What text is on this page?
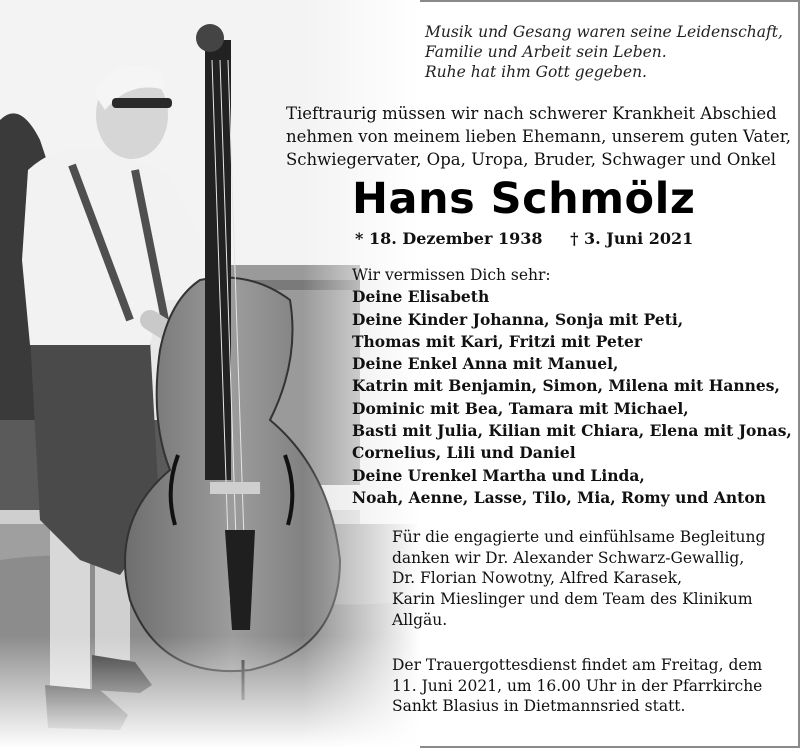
Musik und Gesang waren seine Leidenschaft,
Familie und Arbeit sein Leben.
Ruhe hat ihm Gott gegeben.
Tieftraurig müssen wir nach schwerer Krankheit Abschied
nehmen von meinem lieben Ehemann, unserem guten Vater,
Schwiegervater, Opa, Uropa, Bruder, Schwager und Onkel
Hans Schmölz
* 18. Dezember 1938 † 3. Juni 2021
Wir vermissen Dich sehr:
Deine Elisabeth
Deine Kinder Johanna, Sonja mit Peti,
Thomas mit Kari, Fritzi mit Peter
Deine Enkel Anna mit Manuel,
Katrin mit Benjamin, Simon, Milena mit Hannes,
Dominic mit Bea, Tamara mit Michael,
Basti mit Julia, Kilian mit Chiara, Elena mit Jonas,
Cornelius, Lili und Daniel
Deine Urenkel Martha und Linda,
Noah, Aenne, Lasse, Tilo, Mia, Romy und Anton
Für die engagierte und einfühlsame Begleitung
danken wir Dr. Alexander Schwarz-Gewallig,
Dr. Florian Nowotny, Alfred Karasek,
Karin Mieslinger und dem Team des Klinikum
Allgäu.
Der Trauergottesdienst findet am Freitag, dem
11. Juni 2021, um 16.00 Uhr in der Pfarrkirche
Sankt Blasius in Dietmannsried statt.
